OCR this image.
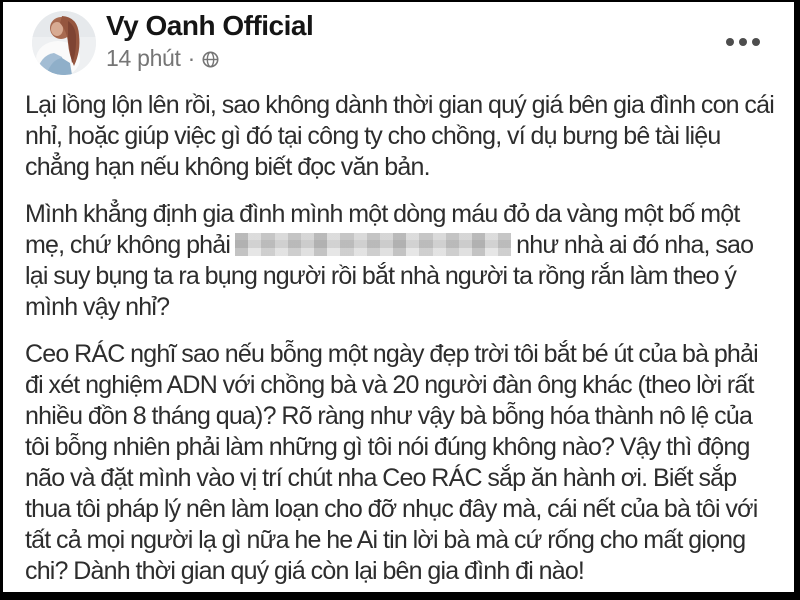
Vy Oanh Official
14 phút ·

Lại lồng lộn lên rồi, sao không dành thời gian quý giá bên gia đình con cái nhỉ, hoặc giúp việc gì đó tại công ty cho chồng, ví dụ bưng bê tài liệu chẳng hạn nếu không biết đọc văn bản.

Mình khẳng định gia đình mình một dòng máu đỏ da vàng một bố một mẹ, chứ không phải	như nhà ai đó nha, sao lại suy bụng ta ra bụng người rồi bắt nhà người ta rồng rắn làm theo ý mình vậy nhỉ?

Ceo RÁC nghĩ sao nếu bỗng một ngày đẹp trời tôi bắt bé út của bà phải đi xét nghiệm ADN với chồng bà và 20 người đàn ông khác (theo lời rất nhiều đồn 8 tháng qua)? Rõ ràng như vậy bà bỗng hóa thành nô lệ của tôi bỗng nhiên phải làm những gì tôi nói đúng không nào? Vậy thì động não và đặt mình vào vị trí chút nha Ceo RÁC sắp ăn hành ơi. Biết sắp thua tôi pháp lý nên làm loạn cho đỡ nhục đây mà, cái nết của bà tôi với tất cả mọi người lạ gì nữa he he Ai tin lời bà mà cứ rống cho mất giọng chi? Dành thời gian quý giá còn lại bên gia đình đi nào!
